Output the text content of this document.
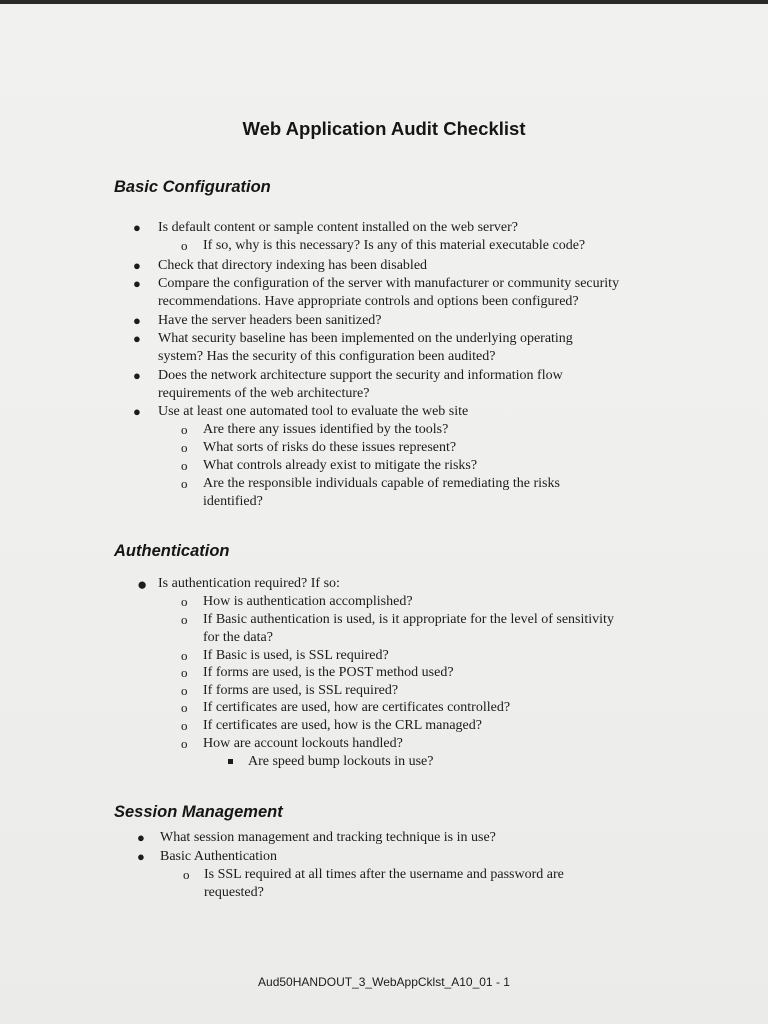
Web Application Audit Checklist
Basic Configuration
● Is default content or sample content installed on the web server?
o If so, why is this necessary? Is any of this material executable code?
● Check that directory indexing has been disabled
● Compare the configuration of the server with manufacturer or community security
recommendations. Have appropriate controls and options been configured?
● Have the server headers been sanitized?
● What security baseline has been implemented on the underlying operating
system? Has the security of this configuration been audited?
● Does the network architecture support the security and information flow
requirements of the web architecture?
● Use at least one automated tool to evaluate the web site
o Are there any issues identified by the tools?
o What sorts of risks do these issues represent?
o What controls already exist to mitigate the risks?
o Are the responsible individuals capable of remediating the risks
identified?
Authentication
● Is authentication required? If so:
o How is authentication accomplished?
o If Basic authentication is used, is it appropriate for the level of sensitivity
for the data?
o If Basic is used, is SSL required?
o If forms are used, is the POST method used?
o If forms are used, is SSL required?
o If certificates are used, how are certificates controlled?
o If certificates are used, how is the CRL managed?
o How are account lockouts handled?
Are speed bump lockouts in use?
Session Management
● What session management and tracking technique is in use?
● Basic Authentication
o Is SSL required at all times after the username and password are
requested?
Aud50HANDOUT_3_WebAppCklst_A10_01 - 1
